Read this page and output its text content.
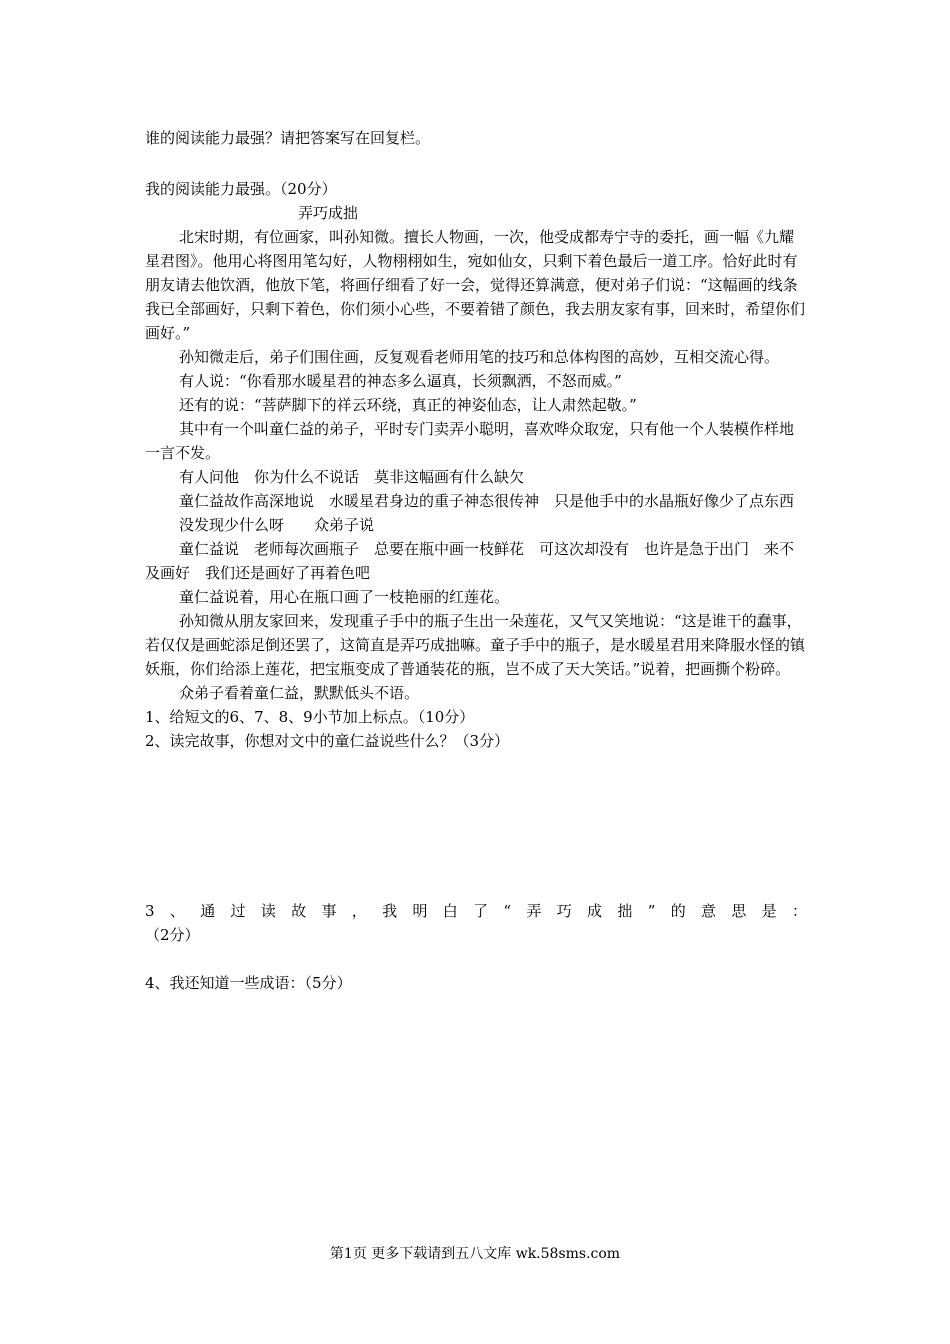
谁的阅读能力最强？请把答案写在回复栏。

我的阅读能力最强。（20分）

弄巧成拙

北宋时期，有位画家，叫孙知微。擅长人物画，一次，他受成都寿宁寺的委托，画一幅《九耀星君图》。他用心将图用笔勾好，人物栩栩如生，宛如仙女，只剩下着色最后一道工序。恰好此时有朋友请去他饮酒，他放下笔，将画仔细看了好一会，觉得还算满意，便对弟子们说：“这幅画的线条我已全部画好，只剩下着色，你们须小心些，不要着错了颜色，我去朋友家有事，回来时，希望你们画好。”

孙知微走后，弟子们围住画，反复观看老师用笔的技巧和总体构图的高妙，互相交流心得。

有人说：“你看那水暖星君的神态多么逼真，长须飘洒，不怒而威。”

还有的说：“菩萨脚下的祥云环绕，真正的神姿仙态，让人肃然起敬。”

其中有一个叫童仁益的弟子，平时专门卖弄小聪明，喜欢哗众取宠，只有他一个人装模作样地一言不发。

有人问他　你为什么不说话　莫非这幅画有什么缺欠

童仁益故作高深地说　水暖星君身边的重子神态很传神　只是他手中的水晶瓶好像少了点东西

没发现少什么呀　　众弟子说

童仁益说　老师每次画瓶子　总要在瓶中画一枝鲜花　可这次却没有　也许是急于出门　来不及画好　我们还是画好了再着色吧

童仁益说着，用心在瓶口画了一枝艳丽的红莲花。

孙知微从朋友家回来，发现重子手中的瓶子生出一朵莲花，又气又笑地说：“这是谁干的蠢事，若仅仅是画蛇添足倒还罢了，这简直是弄巧成拙嘛。童子手中的瓶子，是水暖星君用来降服水怪的镇妖瓶，你们给添上莲花，把宝瓶变成了普通装花的瓶，岂不成了天大笑话。”说着，把画撕个粉碎。

众弟子看着童仁益，默默低头不语。

1、给短文的6、7、8、9小节加上标点。（10分）

2、读完故事，你想对文中的童仁益说些什么？（3分）

3、通过读故事，我明白了“弄巧成拙”的意思是：

（2分）

4、我还知道一些成语：（5分）

第1页 更多下载请到五八文库 wk.58sms.com
